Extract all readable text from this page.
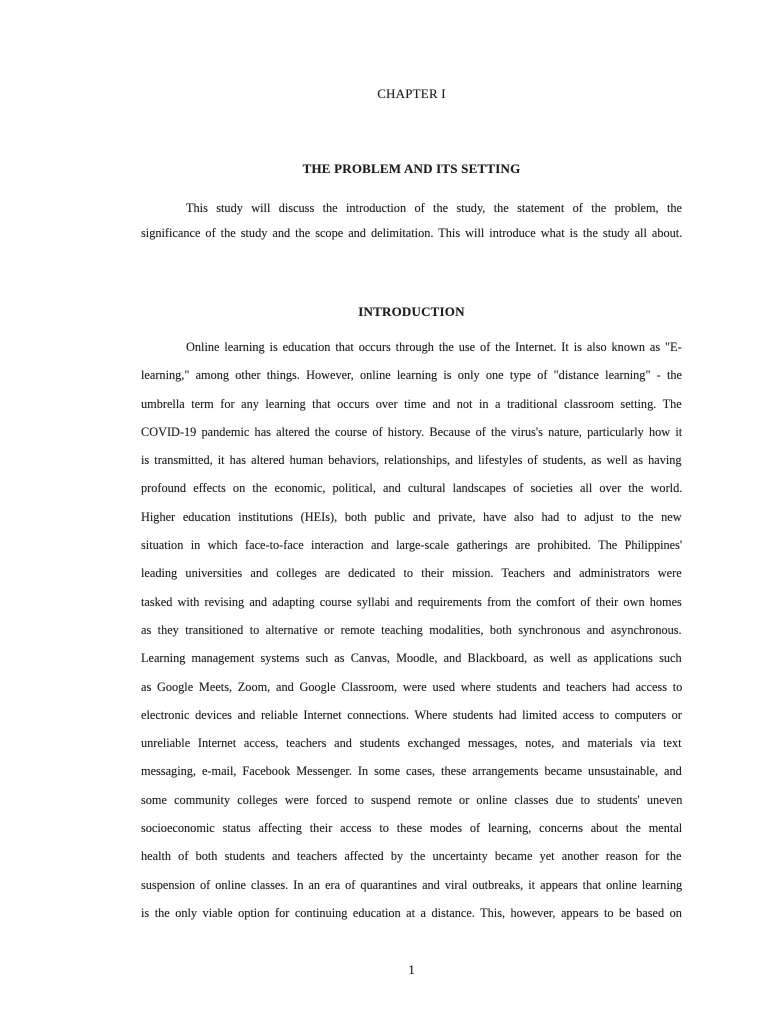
CHAPTER I
THE PROBLEM AND ITS SETTING
This study will discuss the introduction of the study, the statement of the problem, the
significance of the study and the scope and delimitation. This will introduce what is the study all about.
INTRODUCTION
Online learning is education that occurs through the use of the Internet. It is also known as "E-
learning," among other things. However, online learning is only one type of "distance learning" - the
umbrella term for any learning that occurs over time and not in a traditional classroom setting. The
COVID-19 pandemic has altered the course of history. Because of the virus's nature, particularly how it
is transmitted, it has altered human behaviors, relationships, and lifestyles of students, as well as having
profound effects on the economic, political, and cultural landscapes of societies all over the world.
Higher education institutions (HEIs), both public and private, have also had to adjust to the new
situation in which face-to-face interaction and large-scale gatherings are prohibited. The Philippines'
leading universities and colleges are dedicated to their mission. Teachers and administrators were
tasked with revising and adapting course syllabi and requirements from the comfort of their own homes
as they transitioned to alternative or remote teaching modalities, both synchronous and asynchronous.
Learning management systems such as Canvas, Moodle, and Blackboard, as well as applications such
as Google Meets, Zoom, and Google Classroom, were used where students and teachers had access to
electronic devices and reliable Internet connections. Where students had limited access to computers or
unreliable Internet access, teachers and students exchanged messages, notes, and materials via text
messaging, e-mail, Facebook Messenger. In some cases, these arrangements became unsustainable, and
some community colleges were forced to suspend remote or online classes due to students' uneven
socioeconomic status affecting their access to these modes of learning, concerns about the mental
health of both students and teachers affected by the uncertainty became yet another reason for the
suspension of online classes. In an era of quarantines and viral outbreaks, it appears that online learning
is the only viable option for continuing education at a distance. This, however, appears to be based on
1
